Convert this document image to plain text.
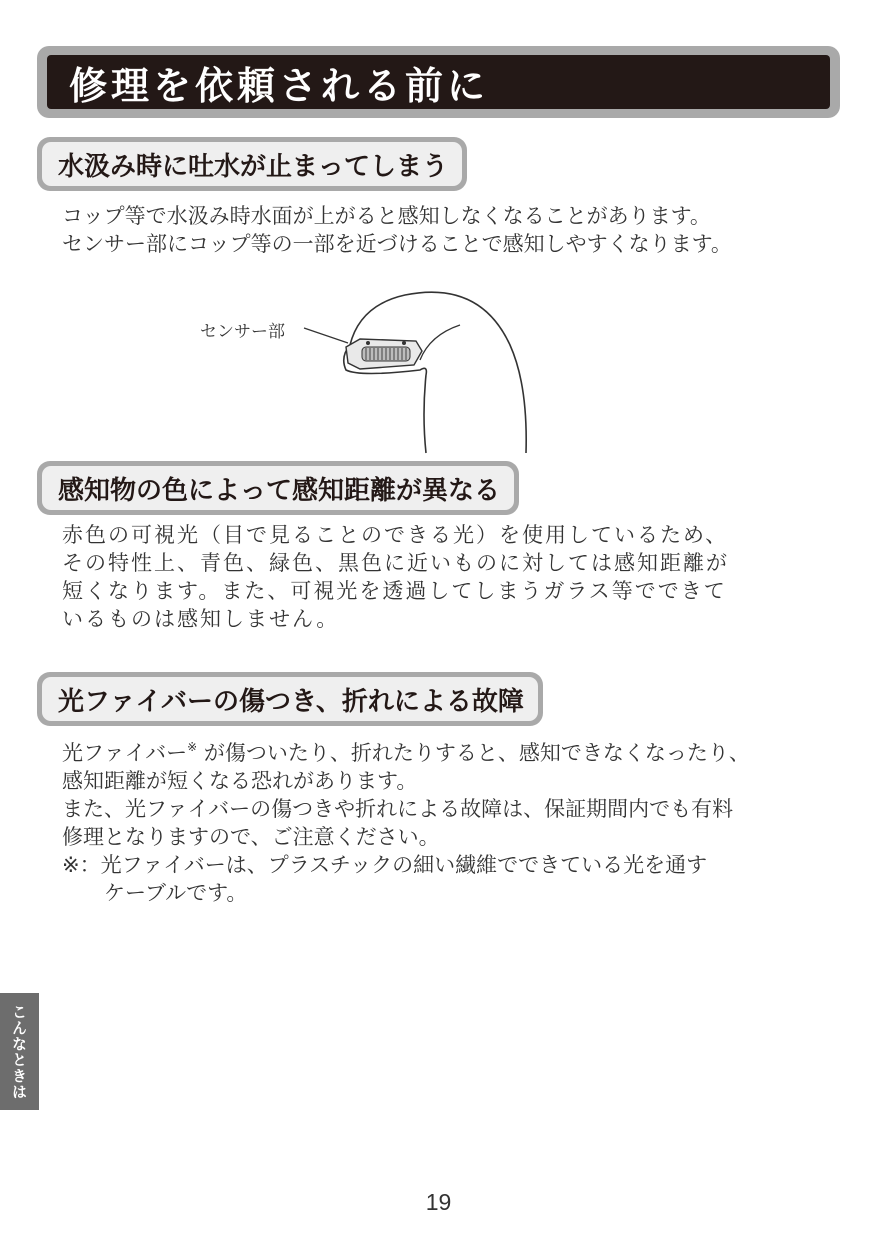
修理を依頼される前に
水汲み時に吐水が止まってしまう

コップ等で水汲み時水面が上がると感知しなくなることがあります。
センサー部にコップ等の一部を近づけることで感知しやすくなります。

センサー部
感知物の色によって感知距離が異なる

赤色の可視光（目で見ることのできる光）を使用しているため、
その特性上、青色、緑色、黒色に近いものに対しては感知距離が
短くなります。また、可視光を透過してしまうガラス等でできて
いるものは感知しません。

光ファイバーの傷つき、折れによる故障

光ファイバー※ が傷ついたり、折れたりすると、感知できなくなったり、
感知距離が短くなる恐れがあります。
また、光ファイバーの傷つきや折れによる故障は、保証期間内でも有料
修理となりますので、ご注意ください。
※：光ファイバーは、プラスチックの細い繊維でできている光を通す
ケーブルです。

こんなときは
19
